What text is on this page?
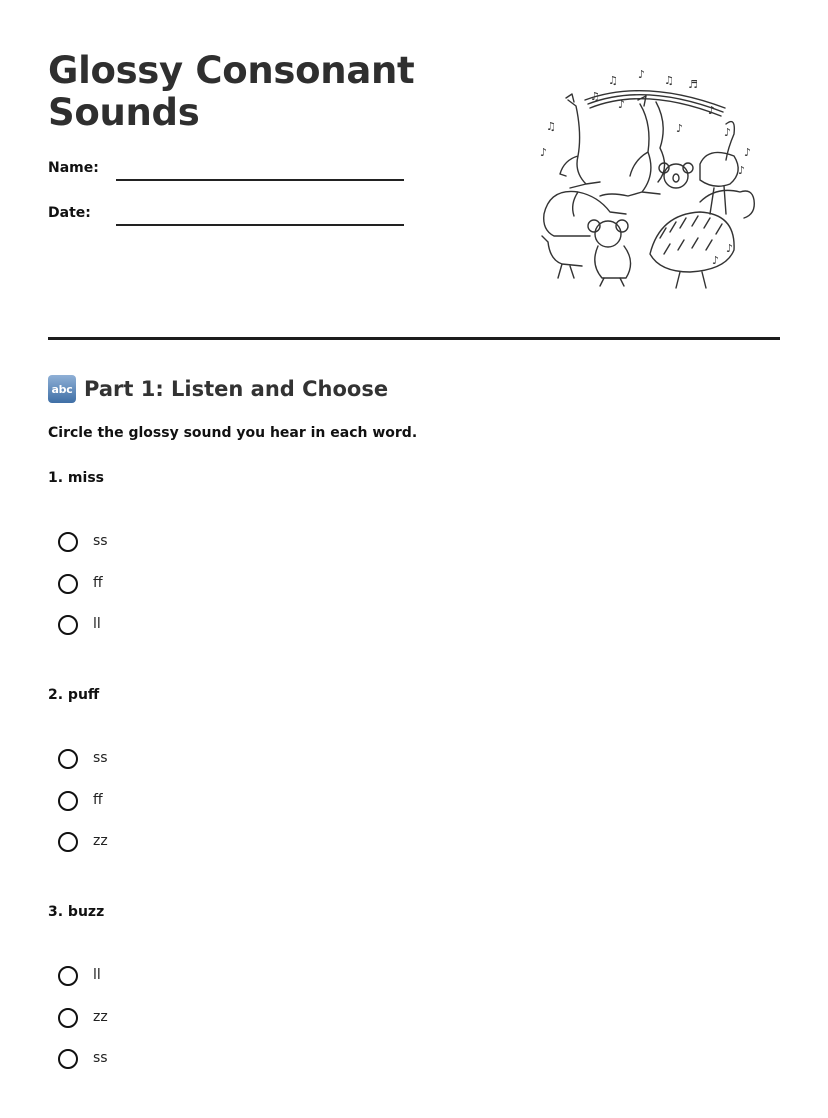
Glossy Consonant Sounds
Name:
Date:
♫ ♪ ♫ ♬
♫
♪	♪
♫	♪	♪
♪	♪
♪
♪
♪
abc Part 1: Listen and Choose
Circle the glossy sound you hear in each word.
1. miss
ss
ff
ll
2. puff
ss
ff
zz
3. buzz
ll
zz
ss
